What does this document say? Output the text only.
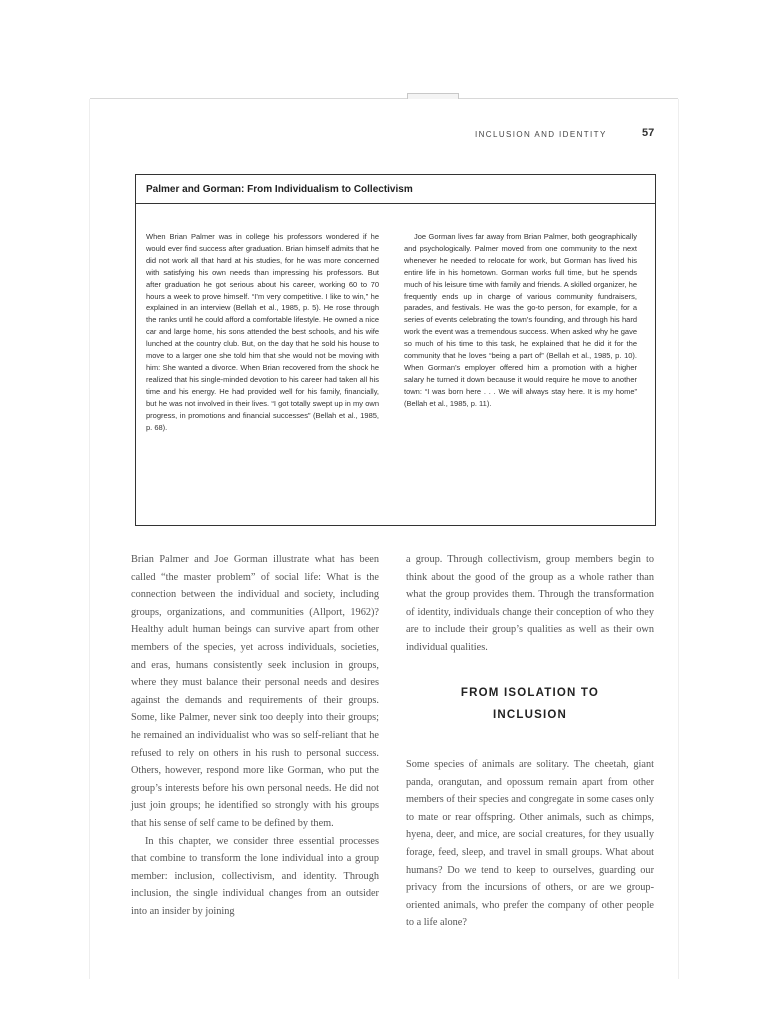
INCLUSION AND IDENTITY	57
Palmer and Gorman: From Individualism to Collectivism
When Brian Palmer was in college his professors wondered if he would ever find success after graduation. Brian himself admits that he did not work all that hard at his studies, for he was more concerned with satisfying his own needs than impressing his professors. But after graduation he got serious about his career, working 60 to 70 hours a week to prove himself. “I’m very competitive. I like to win,” he explained in an interview (Bellah et al., 1985, p. 5). He rose through the ranks until he could afford a comfortable lifestyle. He owned a nice car and large home, his sons attended the best schools, and his wife lunched at the country club. But, on the day that he sold his house to move to a larger one she told him that she would not be moving with him: She wanted a divorce. When Brian recovered from the shock he realized that his single-minded devotion to his career had taken all his time and his energy. He had provided well for his family, financially, but he was not involved in their lives. “I got totally swept up in my own progress, in promotions and financial successes” (Bellah et al., 1985, p. 68).
Joe Gorman lives far away from Brian Palmer, both geographically and psychologically. Palmer moved from one community to the next whenever he needed to relocate for work, but Gorman has lived his entire life in his hometown. Gorman works full time, but he spends much of his leisure time with family and friends. A skilled organizer, he frequently ends up in charge of various community fundraisers, parades, and festivals. He was the go-to person, for example, for a series of events celebrating the town’s founding, and through his hard work the event was a tremendous success. When asked why he gave so much of his time to this task, he explained that he did it for the community that he loves “being a part of” (Bellah et al., 1985, p. 10). When Gorman’s employer offered him a promotion with a higher salary he turned it down because it would require he move to another town: “I was born here . . . We will always stay here. It is my home” (Bellah et al., 1985, p. 11).

Brian Palmer and Joe Gorman illustrate what has been called “the master problem” of social life: What is the connection between the individual and society, including groups, organizations, and communities (Allport, 1962)? Healthy adult human beings can survive apart from other members of the species, yet across individuals, societies, and eras, humans consistently seek inclusion in groups, where they must balance their personal needs and desires against the demands and requirements of their groups. Some, like Palmer, never sink too deeply into their groups; he remained an individualist who was so self-reliant that he refused to rely on others in his rush to personal success. Others, however, respond more like Gorman, who put the group’s interests before his own personal needs. He did not just join groups; he identified so strongly with his groups that his sense of self came to be defined by them.

In this chapter, we consider three essential processes that combine to transform the lone individual into a group member: inclusion, collectivism, and identity. Through inclusion, the single individual changes from an outsider into an insider by joining

a group. Through collectivism, group members begin to think about the good of the group as a whole rather than what the group provides them. Through the transformation of identity, individuals change their conception of who they are to include their group’s qualities as well as their own individual qualities.

FROM ISOLATION TO
INCLUSION

Some species of animals are solitary. The cheetah, giant panda, orangutan, and opossum remain apart from other members of their species and congregate in some cases only to mate or rear offspring. Other animals, such as chimps, hyena, deer, and mice, are social creatures, for they usually forage, feed, sleep, and travel in small groups. What about humans? Do we tend to keep to ourselves, guarding our privacy from the incursions of others, or are we group-oriented animals, who prefer the company of other people to a life alone?
